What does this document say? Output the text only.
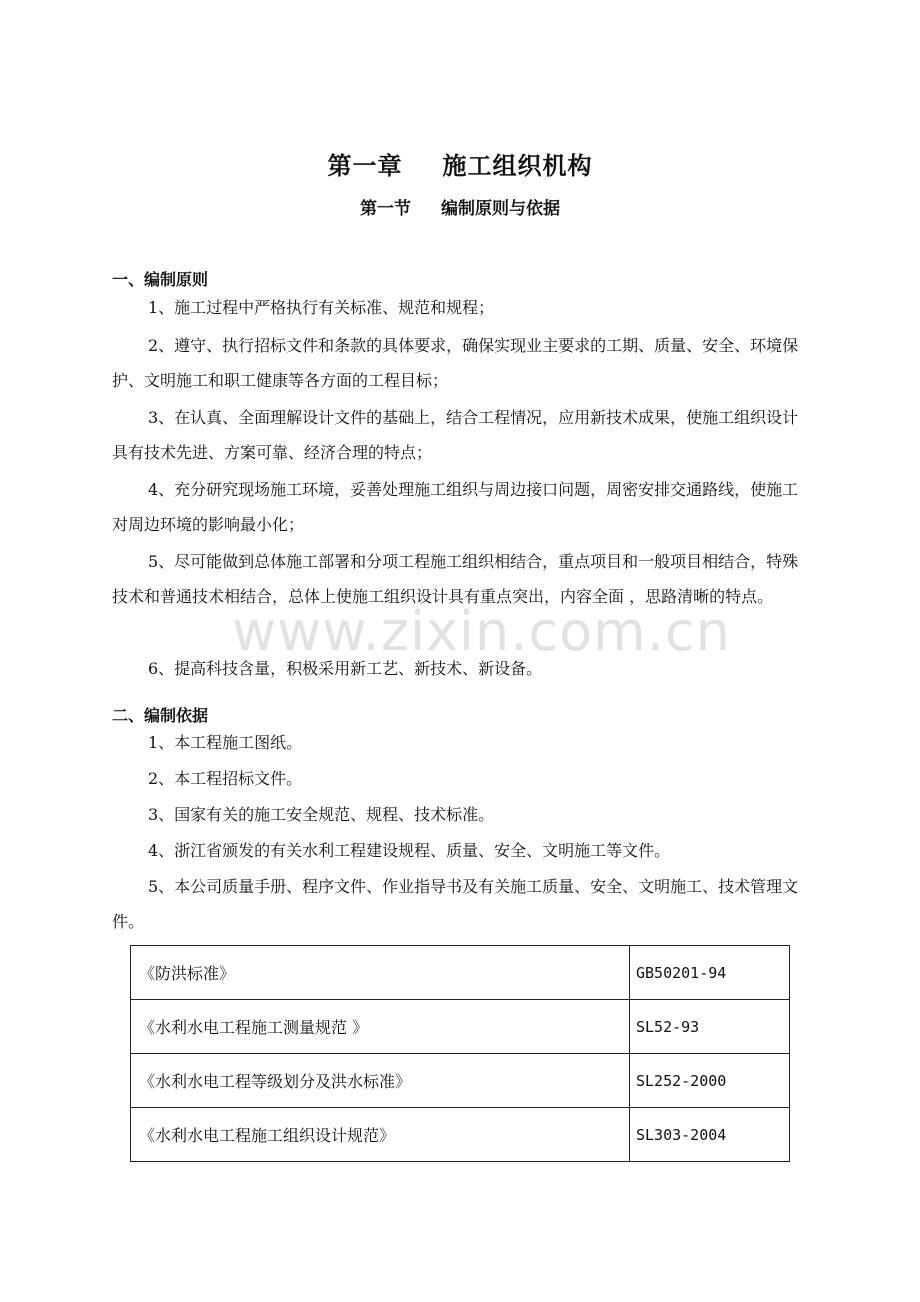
第一章 施工组织机构
第一节 编制原则与依据
一、编制原则
1、施工过程中严格执行有关标准、规范和规程；
2、遵守、执行招标文件和条款的具体要求，确保实现业主要求的工期、质量、安全、环境保护、文明施工和职工健康等各方面的工程目标；
3、在认真、全面理解设计文件的基础上，结合工程情况，应用新技术成果，使施工组织设计具有技术先进、方案可靠、经济合理的特点；
4、充分研究现场施工环境，妥善处理施工组织与周边接口问题，周密安排交通路线，使施工对周边环境的影响最小化；
5、尽可能做到总体施工部署和分项工程施工组织相结合，重点项目和一般项目相结合，特殊技术和普通技术相结合，总体上使施工组织设计具有重点突出，内容全面 ，思路清晰的特点。
6、提高科技含量，积极采用新工艺、新技术、新设备。
二、编制依据
1、本工程施工图纸。
2、本工程招标文件。
3、国家有关的施工安全规范、规程、技术标准。
4、浙江省颁发的有关水利工程建设规程、质量、安全、文明施工等文件。
5、本公司质量手册、程序文件、作业指导书及有关施工质量、安全、文明施工、技术管理文件。
《防洪标准》	GB50201-94
《水利水电工程施工测量规范 》	SL52-93
《水利水电工程等级划分及洪水标准》	SL252-2000
《水利水电工程施工组织设计规范》	SL303-2004
www.zixin.com.cn
